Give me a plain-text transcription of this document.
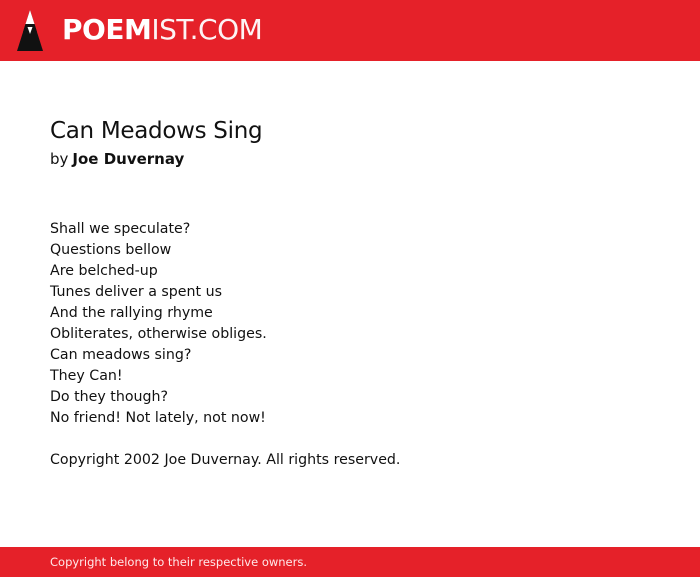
POEMIST.COM
Can Meadows Sing
by Joe Duvernay
Shall we speculate?
Questions bellow
Are belched-up
Tunes deliver a spent us
And the rallying rhyme
Obliterates, otherwise obliges.
Can meadows sing?
They Can!
Do they though?
No friend! Not lately, not now!
Copyright 2002 Joe Duvernay. All rights reserved.
Copyright belong to their respective owners.
